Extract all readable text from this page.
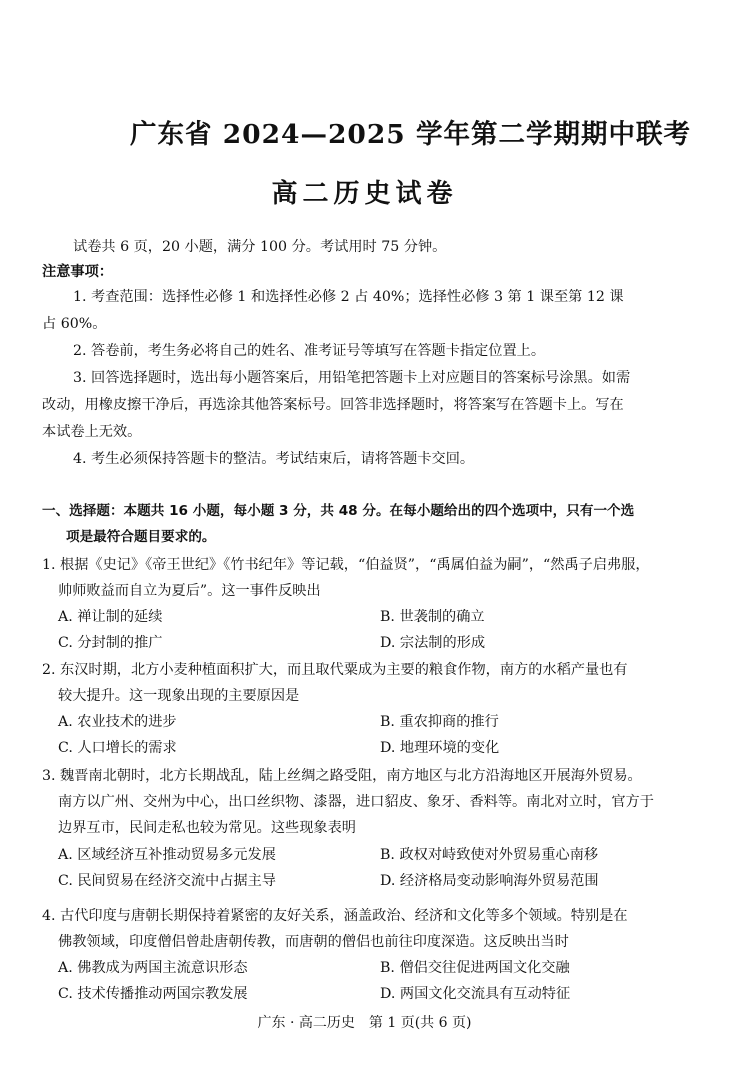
广东省 2024—2025 学年第二学期期中联考
高二历史试卷
试卷共 6 页，20 小题，满分 100 分。考试用时 75 分钟。
注意事项：
1. 考查范围：选择性必修 1 和选择性必修 2 占 40%；选择性必修 3 第 1 课至第 12 课
占 60%。
2. 答卷前，考生务必将自己的姓名、准考证号等填写在答题卡指定位置上。
3. 回答选择题时，选出每小题答案后，用铅笔把答题卡上对应题目的答案标号涂黑。如需
改动，用橡皮擦干净后，再选涂其他答案标号。回答非选择题时，将答案写在答题卡上。写在
本试卷上无效。
4. 考生必须保持答题卡的整洁。考试结束后，请将答题卡交回。
一、选择题：本题共 16 小题，每小题 3 分，共 48 分。在每小题给出的四个选项中，只有一个选
项是最符合题目要求的。
1. 根据《史记》《帝王世纪》《竹书纪年》等记载，“伯益贤”，“禹属伯益为嗣”，“然禹子启弗服，
帅师败益而自立为夏后”。这一事件反映出
A. 禅让制的延续	B. 世袭制的确立
C. 分封制的推广	D. 宗法制的形成
2. 东汉时期，北方小麦种植面积扩大，而且取代粟成为主要的粮食作物，南方的水稻产量也有
较大提升。这一现象出现的主要原因是
A. 农业技术的进步	B. 重农抑商的推行
C. 人口增长的需求	D. 地理环境的变化
3. 魏晋南北朝时，北方长期战乱，陆上丝绸之路受阻，南方地区与北方沿海地区开展海外贸易。
南方以广州、交州为中心，出口丝织物、漆器，进口貂皮、象牙、香料等。南北对立时，官方于
边界互市，民间走私也较为常见。这些现象表明
A. 区域经济互补推动贸易多元发展	B. 政权对峙致使对外贸易重心南移
C. 民间贸易在经济交流中占据主导	D. 经济格局变动影响海外贸易范围
4. 古代印度与唐朝长期保持着紧密的友好关系，涵盖政治、经济和文化等多个领域。特别是在
佛教领域，印度僧侣曾赴唐朝传教，而唐朝的僧侣也前往印度深造。这反映出当时
A. 佛教成为两国主流意识形态	B. 僧侣交往促进两国文化交融
C. 技术传播推动两国宗教发展	D. 两国文化交流具有互动特征
广东 · 高二历史　第 1 页(共 6 页)
